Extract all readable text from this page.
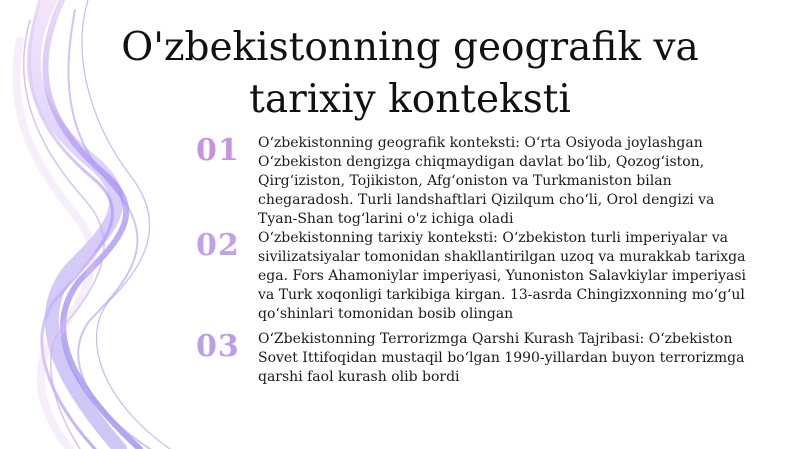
O'zbekistonning geografik va tarixiy konteksti
01	O‘zbekistonning geografik konteksti: O‘rta Osiyoda joylashgan O‘zbekiston dengizga chiqmaydigan davlat bo‘lib, Qozog‘iston, Qirg‘iziston, Tojikiston, Afg‘oniston va Turkmaniston bilan chegaradosh. Turli landshaftlari Qizilqum cho‘li, Orol dengizi va Tyan-Shan tog‘larini o'z ichiga oladi
02	O‘zbekistonning tarixiy konteksti: O‘zbekiston turli imperiyalar va sivilizatsiyalar tomonidan shakllantirilgan uzoq va murakkab tarixga ega. Fors Ahamoniylar imperiyasi, Yunoniston Salavkiylar imperiyasi va Turk xoqonligi tarkibiga kirgan. 13-asrda Chingizxonning mo‘g‘ul qo‘shinlari tomonidan bosib olingan
03	O‘Zbekistonning Terrorizmga Qarshi Kurash Tajribasi: O‘zbekiston Sovet Ittifoqidan mustaqil bo‘lgan 1990-yillardan buyon terrorizmga qarshi faol kurash olib bordi
